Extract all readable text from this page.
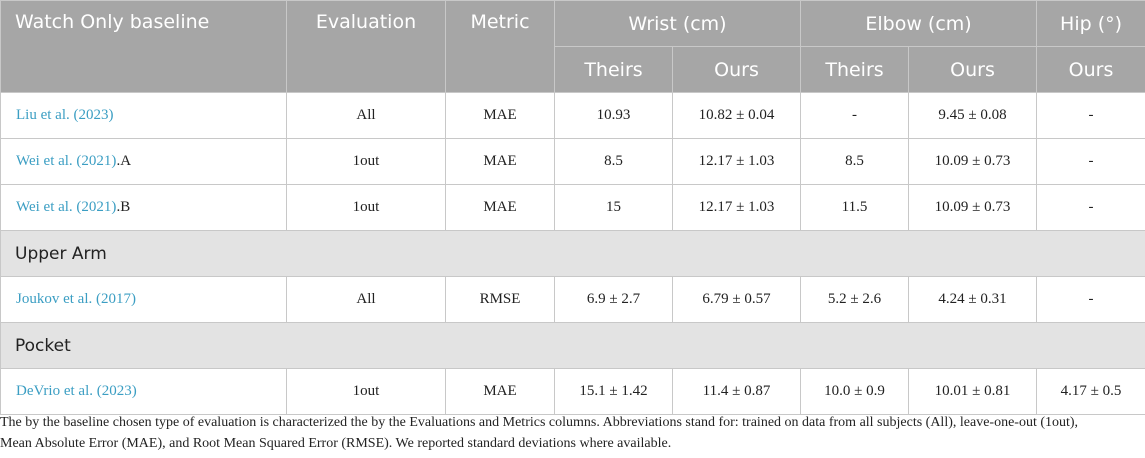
Watch Only baseline	Evaluation	Metric	Wrist (cm)		Elbow (cm)		Hip (°)
			Theirs	Ours	Theirs	Ours	Ours
Liu et al. (2023)	All	MAE	10.93	10.82 ± 0.04	-	9.45 ± 0.08	-
Wei et al. (2021).A	1out	MAE	8.5	12.17 ± 1.03	8.5	10.09 ± 0.73	-
Wei et al. (2021).B	1out	MAE	15	12.17 ± 1.03	11.5	10.09 ± 0.73	-
Upper Arm							
Joukov et al. (2017)	All	RMSE	6.9 ± 2.7	6.79 ± 0.57	5.2 ± 2.6	4.24 ± 0.31	-
Pocket							
DeVrio et al. (2023)	1out	MAE	15.1 ± 1.42	11.4 ± 0.87	10.0 ± 0.9	10.01 ± 0.81	4.17 ± 0.5
The by the baseline chosen type of evaluation is characterized the by the Evaluations and Metrics columns. Abbreviations stand for: trained on data from all subjects (All), leave-one-out (1out),
Mean Absolute Error (MAE), and Root Mean Squared Error (RMSE). We reported standard deviations where available.
